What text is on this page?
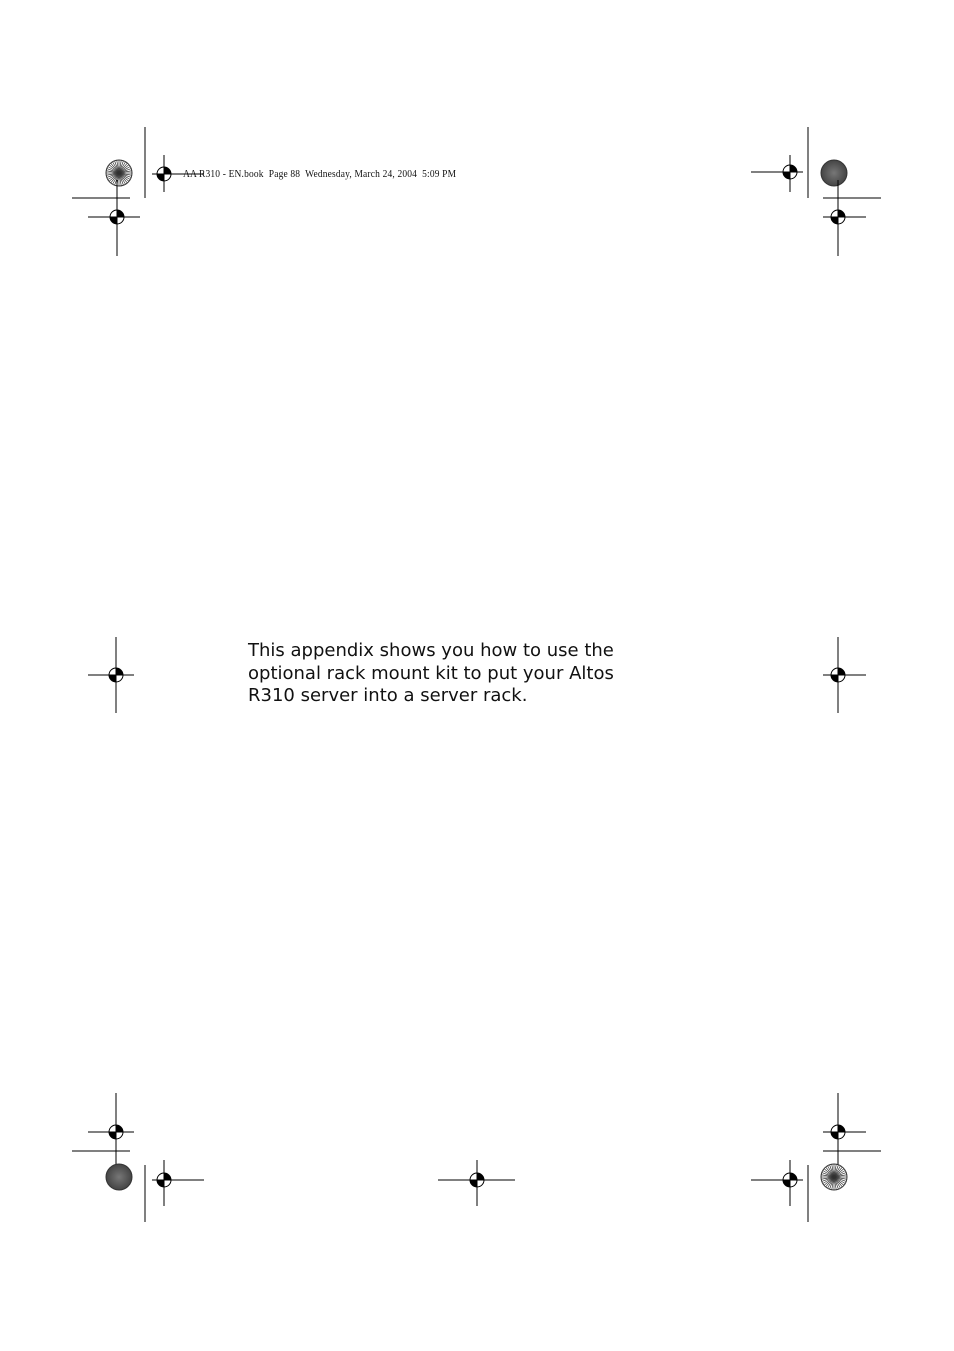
AA R310 - EN.book  Page 88  Wednesday, March 24, 2004  5:09 PM
This appendix shows you how to use the
optional rack mount kit to put your Altos
R310 server into a server rack.
